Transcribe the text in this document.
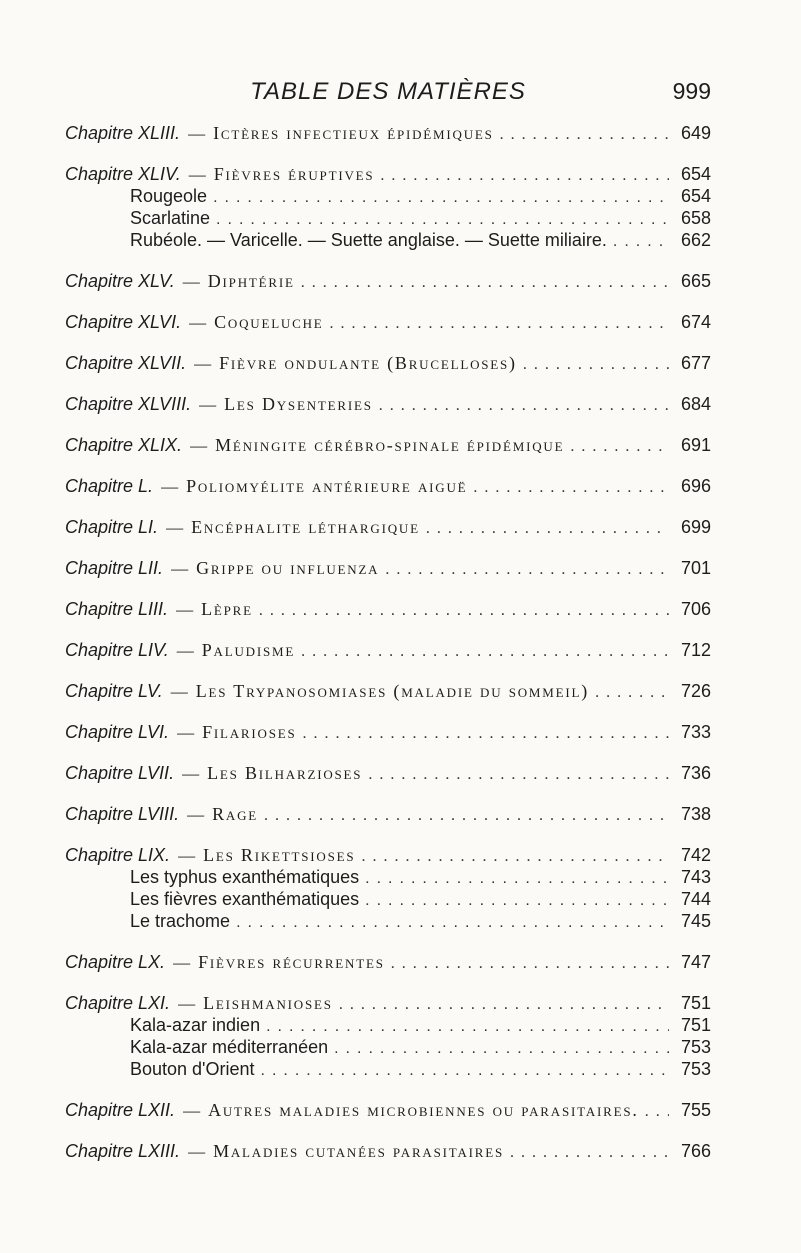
TABLE DES MATIÈRES	999
Chapitre XLIII. — Ictères infectieux épidémiques .....	649
Chapitre XLIV. — Fièvres éruptives .....	654
Rougeole .....	654
Scarlatine .....	658
Rubéole. — Varicelle. — Suette anglaise. — Suette miliaire. .....	662
Chapitre XLV. — Diphtérie .....	665
Chapitre XLVI. — Coqueluche .....	674
Chapitre XLVII. — Fièvre ondulante (Brucelloses) .....	677
Chapitre XLVIII. — Les Dysenteries .....	684
Chapitre XLIX. — Méningite cérébro-spinale épidémique .....	691
Chapitre L. — Poliomyélite antérieure aiguë .....	696
Chapitre LI. — Encéphalite léthargique .....	699
Chapitre LII. — Grippe ou influenza .....	701
Chapitre LIII. — Lèpre .....	706
Chapitre LIV. — Paludisme .....	712
Chapitre LV. — Les Trypanosomiases (maladie du sommeil) .....	726
Chapitre LVI. — Filarioses .....	733
Chapitre LVII. — Les Bilharzioses .....	736
Chapitre LVIII. — Rage .....	738
Chapitre LIX. — Les Rikettsioses .....	742
Les typhus exanthématiques .....	743
Les fièvres exanthématiques .....	744
Le trachome .....	745
Chapitre LX. — Fièvres récurrentes .....	747
Chapitre LXI. — Leishmanioses .....	751
Kala-azar indien .....	751
Kala-azar méditerranéen .....	753
Bouton d'Orient .....	753
Chapitre LXII. — Autres maladies microbiennes ou parasitaires. .....	755
Chapitre LXIII. — Maladies cutanées parasitaires .....	766
